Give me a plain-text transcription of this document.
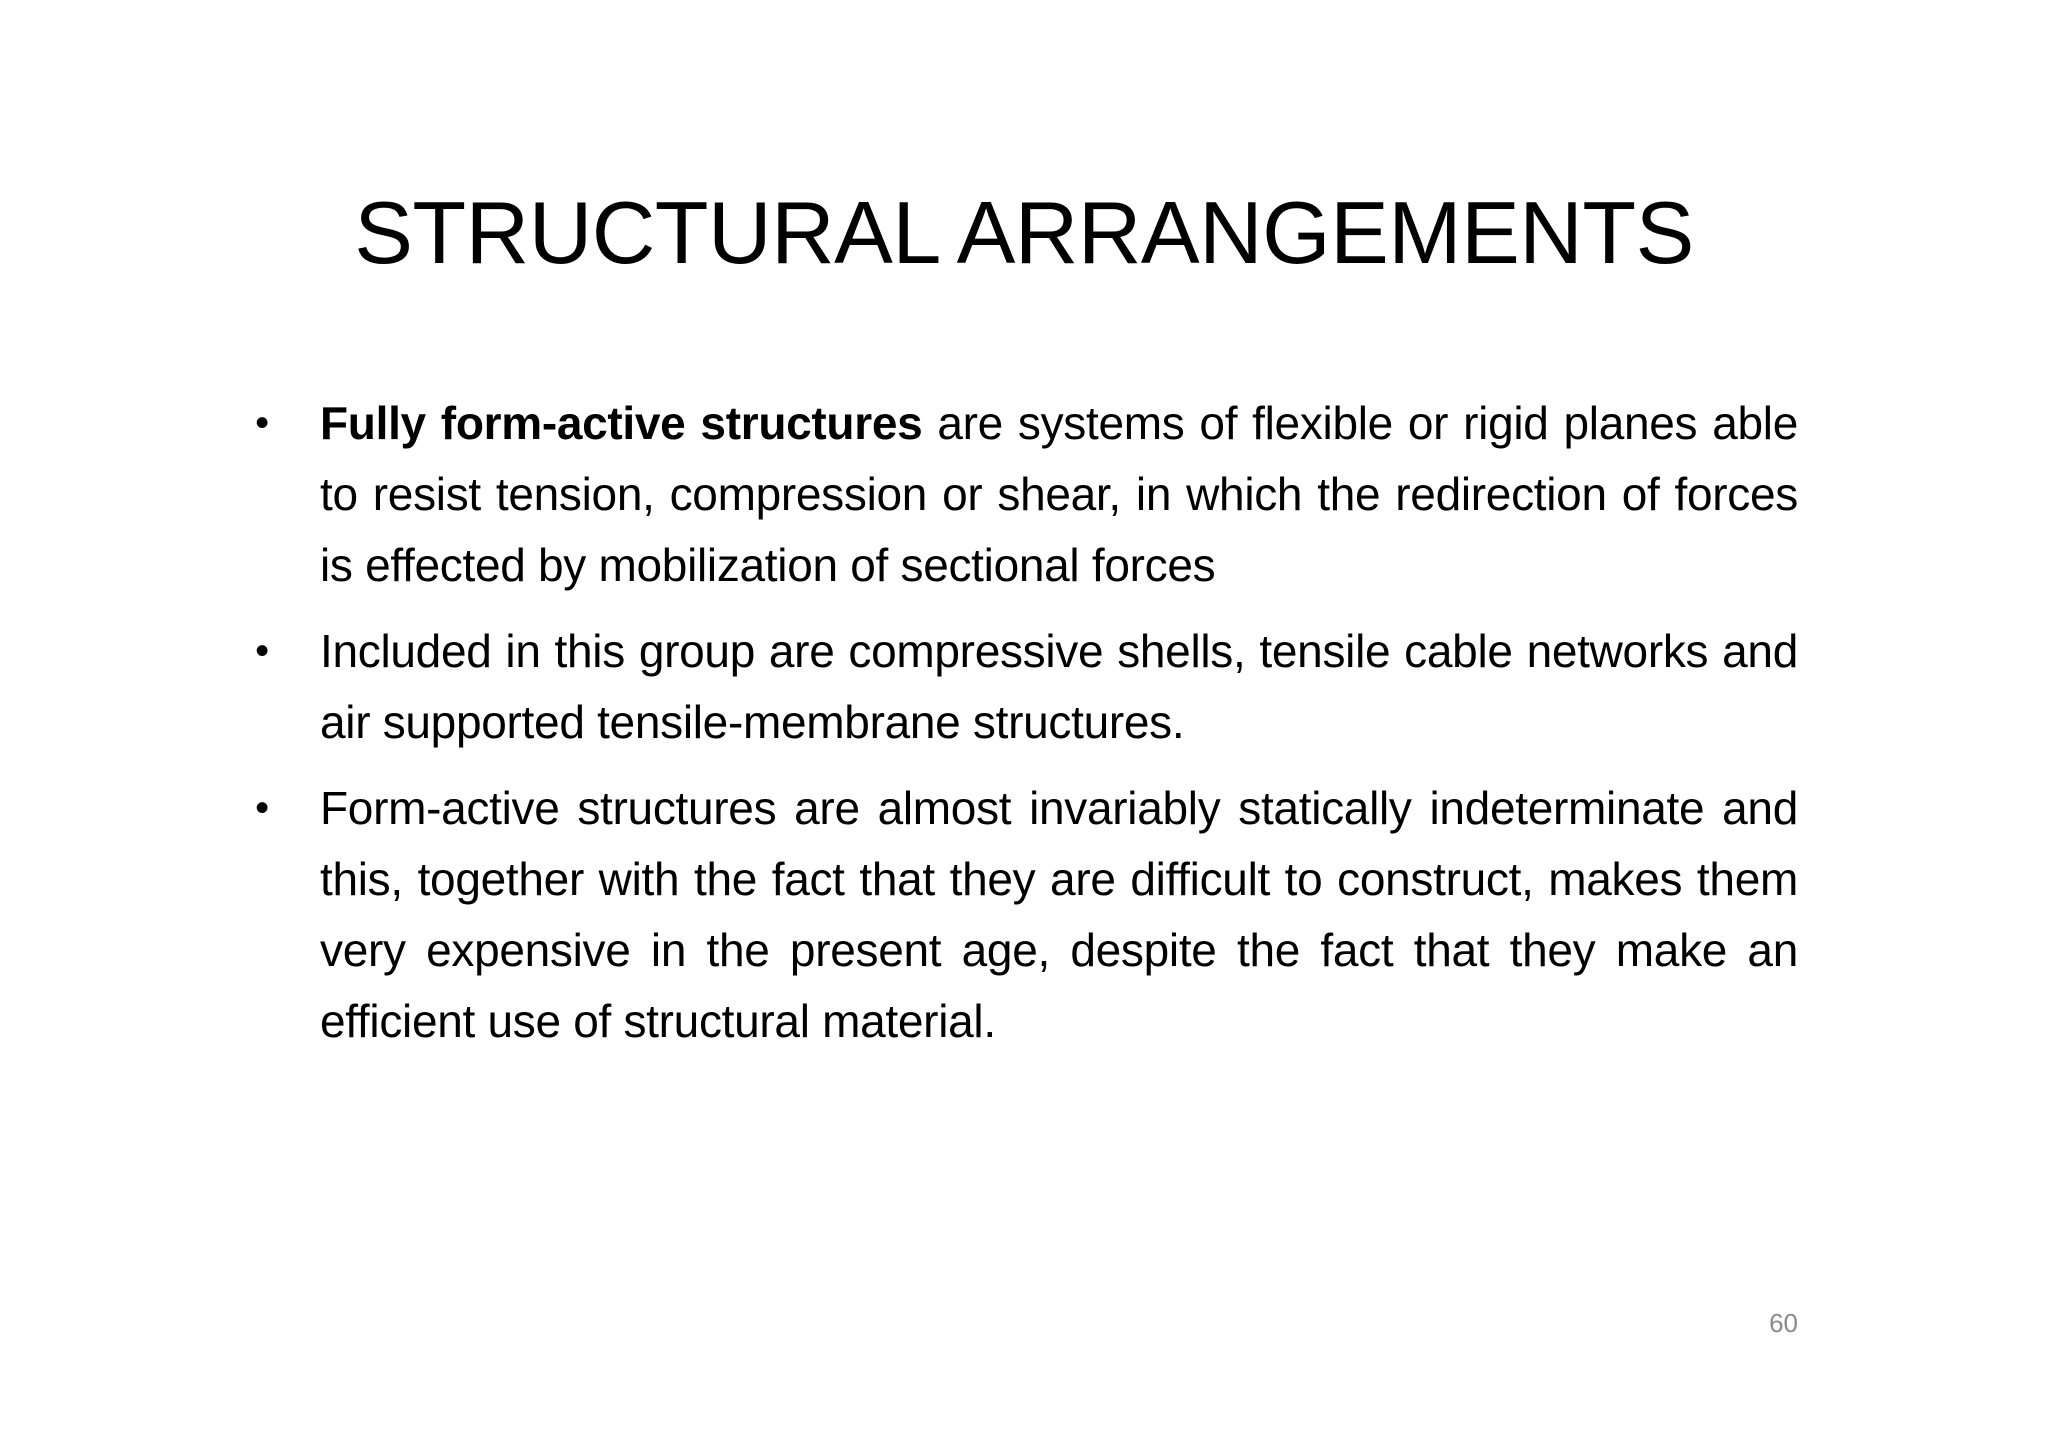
STRUCTURAL ARRANGEMENTS
• Fully form-active structures are systems of flexible or rigid planes able to resist tension, compression or shear, in which the redirection of forces is effected by mobilization of sectional forces
• Included in this group are compressive shells, tensile cable networks and air supported tensile-membrane structures.
• Form-active structures are almost invariably statically indeterminate and this, together with the fact that they are difficult to construct, makes them very expensive in the present age, despite the fact that they make an efficient use of structural material.
60
